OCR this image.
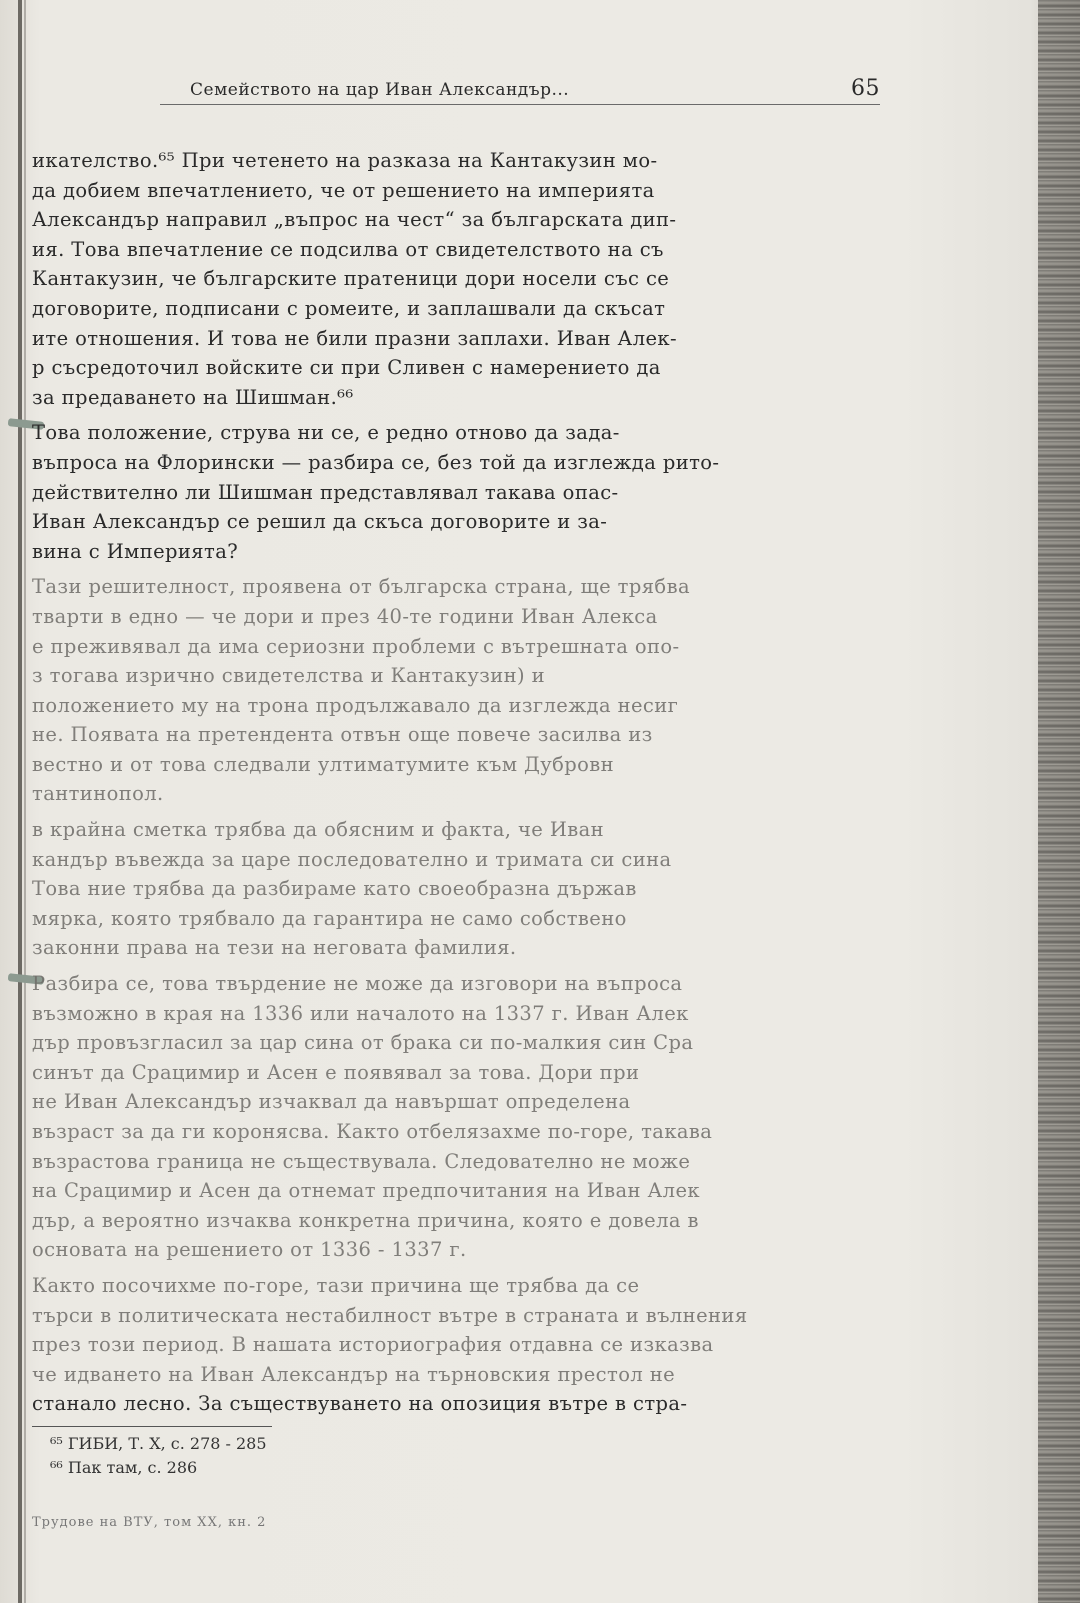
Семейството на цар Иван Александър...	65
икателство.⁶⁵ При четенето на разказа на Кантакузин мо-
да добием впечатлението, че от решението на империята
Александър направил „въпрос на чест“ за българската дип-
ия. Това впечатление се подсилва от свидетелството на съ
Кантакузин, че българските пратеници дори носели със се
договорите, подписани с ромеите, и заплашвали да скъсат
ите отношения. И това не били празни заплахи. Иван Алек-
р съсредоточил войските си при Сливен с намерението да
за предаването на Шишман.⁶⁶
Това положение, струва ни се, е редно отново да зада-
въпроса на Флорински — разбира се, без той да изглежда рито-
действително ли Шишман представлявал такава опас-
Иван Александър се решил да скъса договорите и за-
вина с Империята?
Тази решителност, проявена от българска страна, ще трябва
тварти в едно — че дори и през 40-те години Иван Алекса
е преживявал да има сериозни проблеми с вътрешната опо-
з тогава изрично свидетелства и Кантакузин) и
положението му на трона продължавало да изглежда несиг
не. Появата на претендента отвън още повече засилва из
вестно и от това следвали ултиматумите към Дубровн
тантинопол.
в крайна сметка трябва да обясним и факта, че Иван
кандър въвежда за царе последователно и тримата си сина
Това ние трябва да разбираме като своеобразна държав
мярка, която трябвало да гарантира не само собствено
законни права на тези на неговата фамилия.
Разбира се, това твърдение не може да изговори на въпроса
възможно в края на 1336 или началото на 1337 г. Иван Алек
дър провъзгласил за цар сина от брака си по-малкия син Сра
синът да Срацимир и Асен е появявал за това. Дори при
не Иван Александър изчаквал да навършат определена
възраст за да ги коронясва. Както отбелязахме по-горе, такава
възрастова граница не съществувала. Следователно не може
на Срацимир и Асен да отнемат предпочитания на Иван Алек
дър, а вероятно изчаква конкретна причина, която е довела в
основата на решението от 1336 - 1337 г.
Както посочихме по-горе, тази причина ще трябва да се
търси в политическата нестабилност вътре в страната и вълнения
през този период. В нашата историография отдавна се изказва
че идването на Иван Александър на търновския престол не
станало лесно. За съществуването на опозиция вътре в стра-
⁶⁵ ГИБИ, Т. X, с. 278 - 285
⁶⁶ Пак там, с. 286
Трудове на ВТУ, том ХХ, кн. 2
